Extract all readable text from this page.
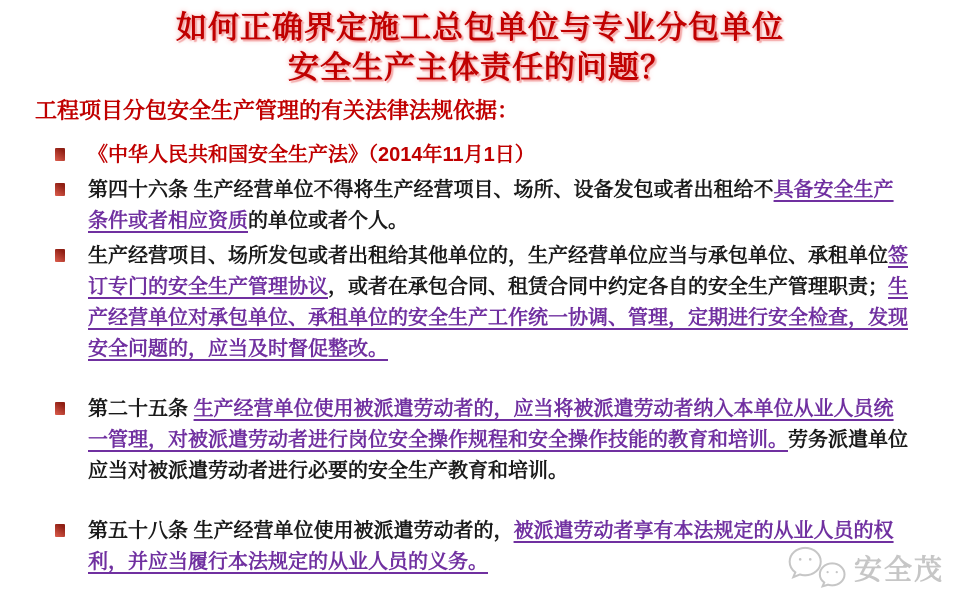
如何正确界定施工总包单位与专业分包单位
安全生产主体责任的问题？
工程项目分包安全生产管理的有关法律法规依据：
《中华人民共和国安全生产法》（2014年11月1日）
第四十六条 生产经营单位不得将生产经营项目、场所、设备发包或者出租给不具备安全生产条件或者相应资质的单位或者个人。
生产经营项目、场所发包或者出租给其他单位的，生产经营单位应当与承包单位、承租单位签订专门的安全生产管理协议，或者在承包合同、租赁合同中约定各自的安全生产管理职责；生产经营单位对承包单位、承租单位的安全生产工作统一协调、管理，定期进行安全检查，发现安全问题的，应当及时督促整改。
第二十五条 生产经营单位使用被派遣劳动者的，应当将被派遣劳动者纳入本单位从业人员统一管理，对被派遣劳动者进行岗位安全操作规程和安全操作技能的教育和培训。劳务派遣单位应当对被派遣劳动者进行必要的安全生产教育和培训。
第五十八条 生产经营单位使用被派遣劳动者的，被派遣劳动者享有本法规定的从业人员的权利，并应当履行本法规定的从业人员的义务。	安全茂
